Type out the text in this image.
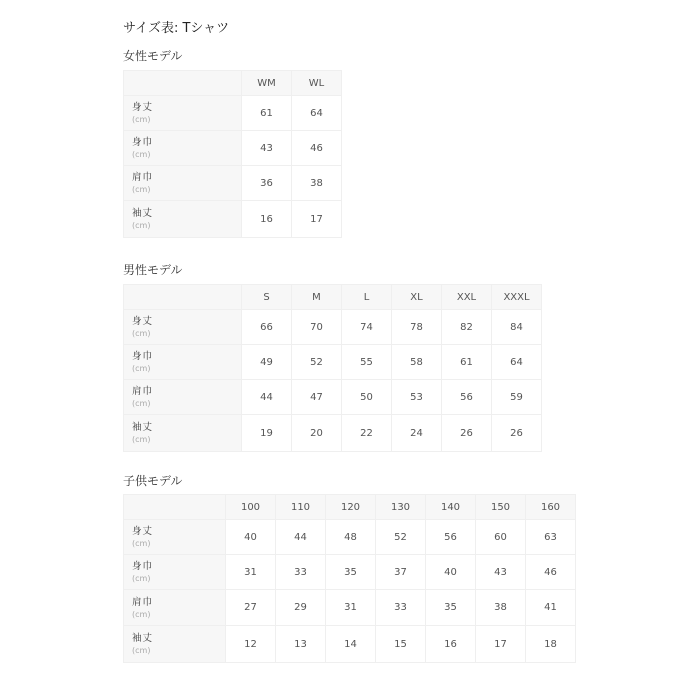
サイズ表: Tシャツ
女性モデル
	WM	WL

身丈
(cm)	61	64

身巾
(cm)	43	46

肩巾
(cm)	36	38

袖丈
(cm)	16	17
男性モデル
	S	M	L	XL	XXL	XXXL

身丈
(cm)	66	70	74	78	82	84

身巾
(cm)	49	52	55	58	61	64

肩巾
(cm)	44	47	50	53	56	59

袖丈
(cm)	19	20	22	24	26	26
子供モデル
	100	110	120	130	140	150	160

身丈
(cm)	40	44	48	52	56	60	63

身巾
(cm)	31	33	35	37	40	43	46

肩巾
(cm)	27	29	31	33	35	38	41

袖丈
(cm)	12	13	14	15	16	17	18
